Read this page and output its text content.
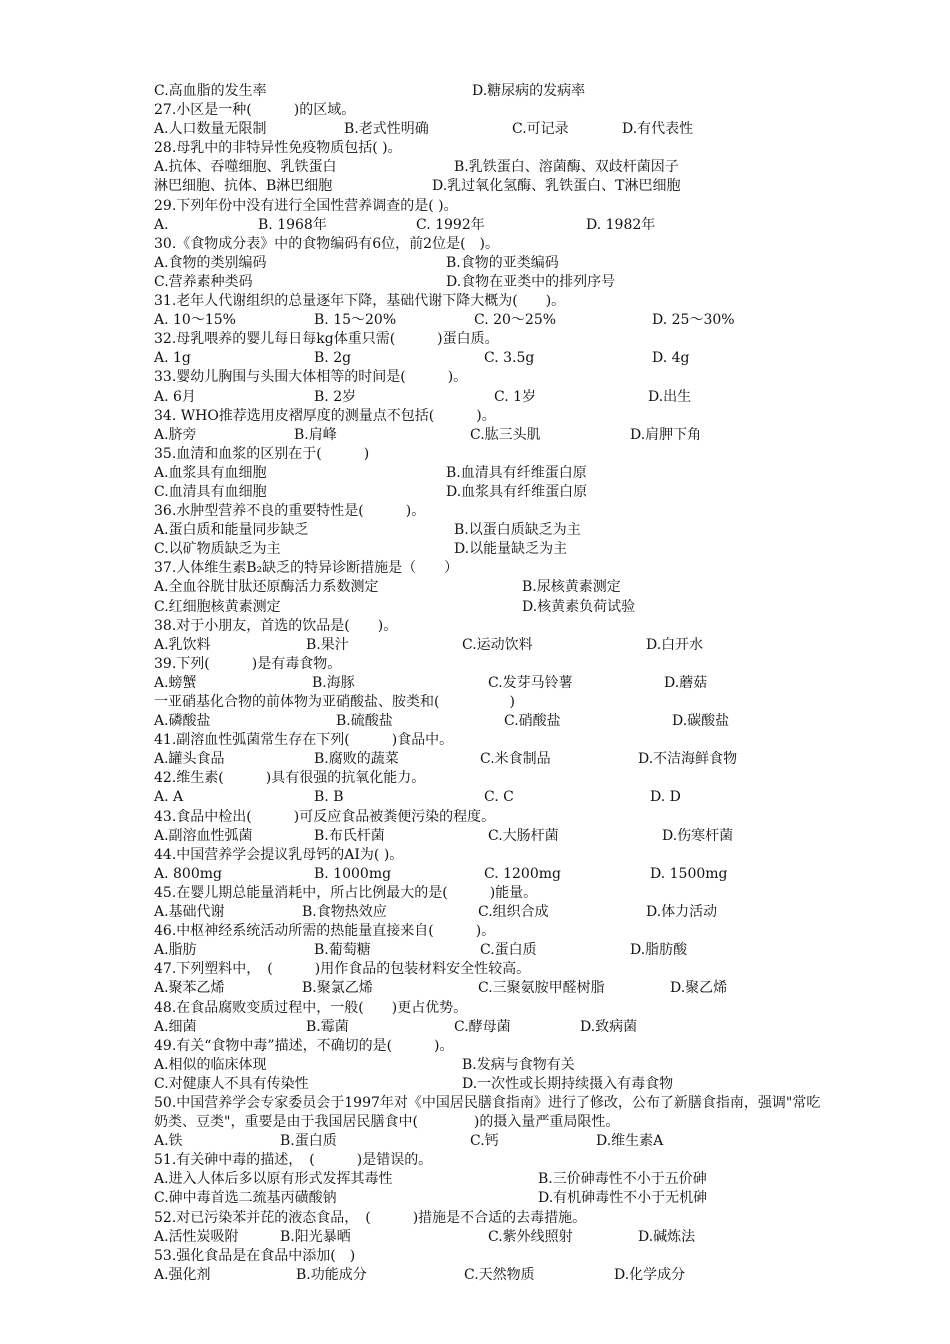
C.高血脂的发生率	D.糖尿病的发病率
27.小区是一种(　　　)的区域。
A.人口数量无限制	B.老式性明确	C.可记录	D.有代表性
28.母乳中的非特异性免疫物质包括( )。
A.抗体、吞噬细胞、乳铁蛋白	B.乳铁蛋白、溶菌酶、双歧杆菌因子
淋巴细胞、抗体、B淋巴细胞	D.乳过氧化氢酶、乳铁蛋白、T淋巴细胞
29.下列年份中没有进行全国性营养调查的是( )。
A.	B. 1968年	C. 1992年	D. 1982年
30.《食物成分表》中的食物编码有6位，前2位是(　)。
A.食物的类别编码	B.食物的亚类编码
C.营养素种类码	D.食物在亚类中的排列序号
31.老年人代谢组织的总量逐年下降，基础代谢下降大概为(　　)。
A. 10～15%	B. 15～20%	C. 20～25%	D. 25～30%
32.母乳喂养的婴儿每日每kg体重只需(　　　)蛋白质。
A. 1g	B. 2g	C. 3.5g	D. 4g
33.婴幼儿胸围与头围大体相等的时间是(　　　)。
A. 6月	B. 2岁	C. 1岁	D.出生
34. WHO推荐选用皮褶厚度的测量点不包括(　　　)。
A.脐旁	B.肩峰	C.肱三头肌	D.肩胛下角
35.血清和血浆的区别在于(　　　)
A.血浆具有血细胞	B.血清具有纤维蛋白原
C.血清具有血细胞	D.血浆具有纤维蛋白原
36.水肿型营养不良的重要特性是(　　　)。
A.蛋白质和能量同步缺乏	B.以蛋白质缺乏为主
C.以矿物质缺乏为主	D.以能量缺乏为主
37.人体维生素B₂缺乏的特异诊断措施是（　　）
A.全血谷胱甘肽还原酶活力系数测定	B.尿核黄素测定
C.红细胞核黄素测定	D.核黄素负荷试验
38.对于小朋友，首选的饮品是(　　)。
A.乳饮料	B.果汁	C.运动饮料	D.白开水
39.下列(　　　)是有毒食物。
A.螃蟹	B.海豚	C.发芽马铃薯	D.蘑菇
一亚硝基化合物的前体物为亚硝酸盐、胺类和(　　　　　)
A.磷酸盐	B.硫酸盐	C.硝酸盐	D.碳酸盐
41.副溶血性弧菌常生存在下列(　　　)食品中。
A.罐头食品	B.腐败的蔬菜	C.米食制品	D.不洁海鲜食物
42.维生素(　　　)具有很强的抗氧化能力。
A. A	B. B	C. C	D. D
43.食品中检出(　　　)可反应食品被粪便污染的程度。
A.副溶血性弧菌	B.布氏杆菌	C.大肠杆菌	D.伤寒杆菌
44.中国营养学会提议乳母钙的AI为( )。
A. 800mg	B. 1000mg	C. 1200mg	D. 1500mg
45.在婴儿期总能量消耗中，所占比例最大的是(　　　)能量。
A.基础代谢	B.食物热效应	C.组织合成	D.体力活动
46.中枢神经系统活动所需的热能量直接来自(　　　)。
A.脂肪	B.葡萄糖	C.蛋白质	D.脂肪酸
47.下列塑料中，　(　　　)用作食品的包装材料安全性较高。
A.聚苯乙烯	B.聚氯乙烯	C.三聚氨胺甲醛树脂	D.聚乙烯
48.在食品腐败变质过程中，一般(　　)更占优势。
A.细菌	B.霉菌	C.酵母菌	D.致病菌
49.有关“食物中毒”描述，不确切的是(　　　)。
A.相似的临床体现	B.发病与食物有关
C.对健康人不具有传染性	D.一次性或长期持续摄入有毒食物
50.中国营养学会专家委员会于1997年对《中国居民膳食指南》进行了修改，公布了新膳食指南，强调"常吃奶类、豆类"，重要是由于我国居民膳食中(　　　　)的摄入量严重局限性。
A.铁	B.蛋白质	C.钙	D.维生素A
51.有关砷中毒的描述，　(　　　)是错误的。
A.进入人体后多以原有形式发挥其毒性	B.三价砷毒性不小于五价砷
C.砷中毒首选二巯基丙磺酸钠	D.有机砷毒性不小于无机砷
52.对已污染苯并芘的液态食品，　(　　　)措施是不合适的去毒措施。
A.活性炭吸附	B.阳光暴晒	C.紫外线照射	D.碱炼法
53.强化食品是在食品中添加(　)
A.强化剂	B.功能成分	C.天然物质	D.化学成分
